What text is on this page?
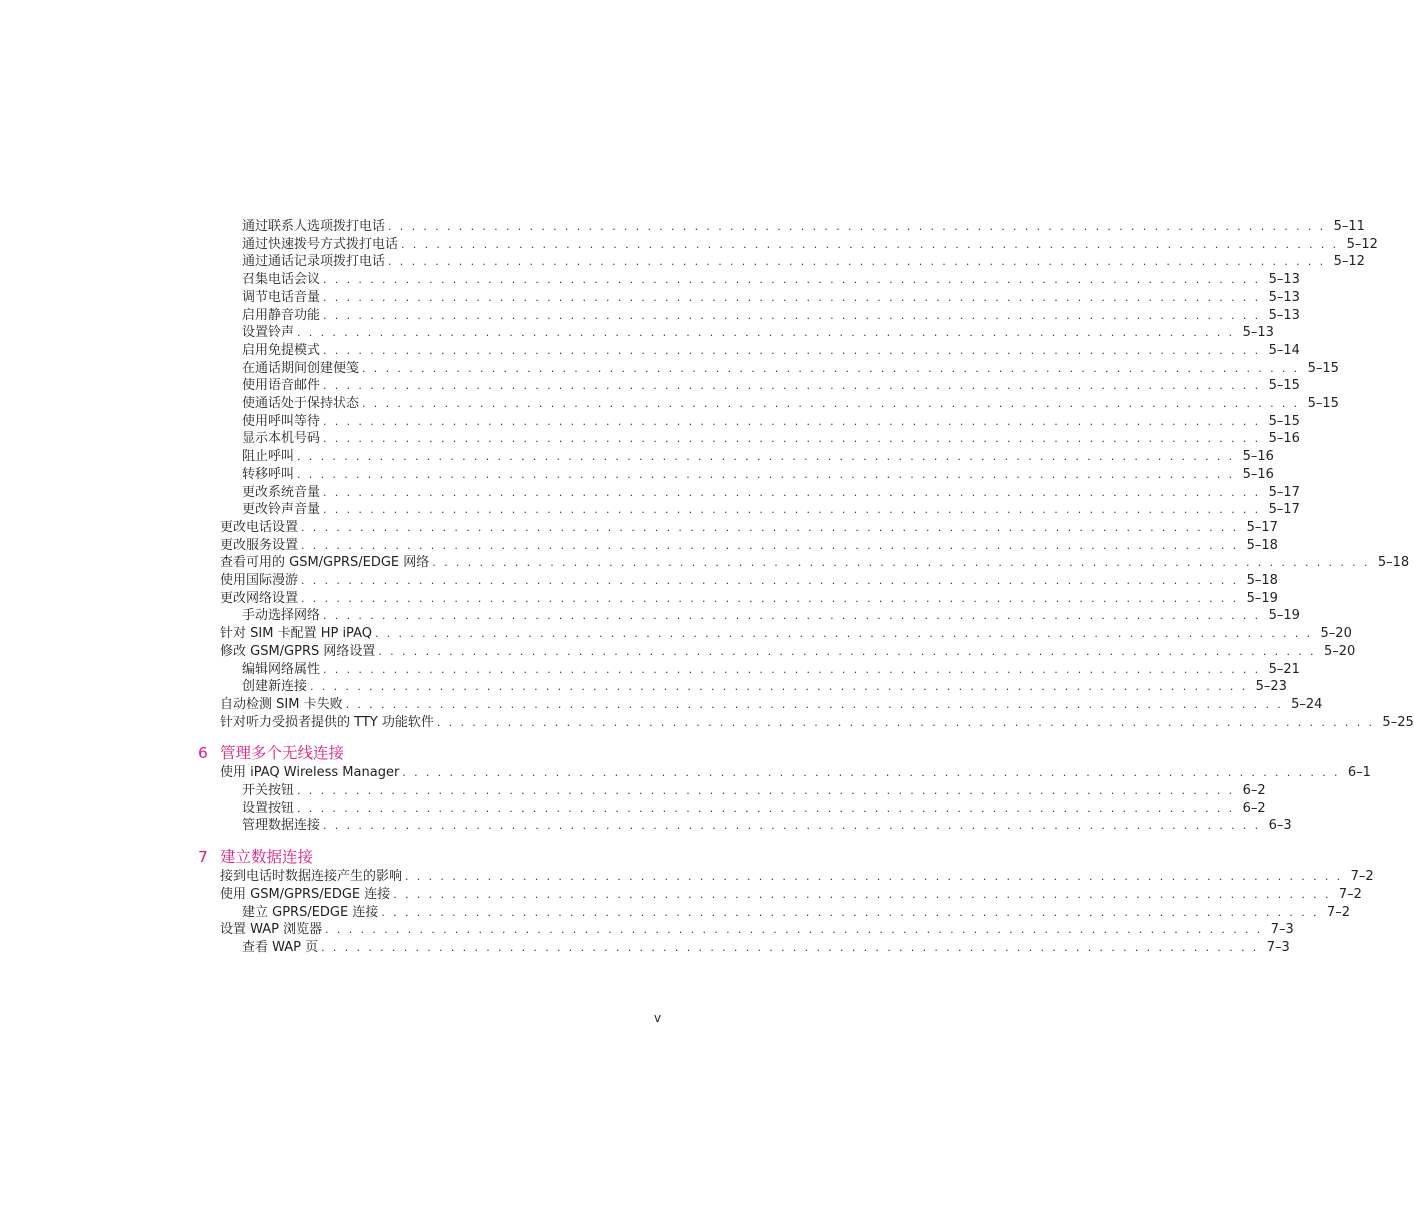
通过联系人选项拨打电话 . . . . . . . . . . . . . . . . . . . . . . . . . . . . . . . . . . . . . . . . . . . . . . . . . . . . . . . . . . . . . . . . . . . . . . . . . . . . . . . . 5–11
通过快速拨号方式拨打电话 . . . . . . . . . . . . . . . . . . . . . . . . . . . . . . . . . . . . . . . . . . . . . . . . . . . . . . . . . . . . . . . . . . . . . . . . . . . . . . . . 5–12
通过通话记录项拨打电话 . . . . . . . . . . . . . . . . . . . . . . . . . . . . . . . . . . . . . . . . . . . . . . . . . . . . . . . . . . . . . . . . . . . . . . . . . . . . . . . . 5–12
召集电话会议 . . . . . . . . . . . . . . . . . . . . . . . . . . . . . . . . . . . . . . . . . . . . . . . . . . . . . . . . . . . . . . . . . . . . . . . . . . . . . . . . 5–13
调节电话音量 . . . . . . . . . . . . . . . . . . . . . . . . . . . . . . . . . . . . . . . . . . . . . . . . . . . . . . . . . . . . . . . . . . . . . . . . . . . . . . . . 5–13
启用静音功能 . . . . . . . . . . . . . . . . . . . . . . . . . . . . . . . . . . . . . . . . . . . . . . . . . . . . . . . . . . . . . . . . . . . . . . . . . . . . . . . . 5–13
设置铃声 . . . . . . . . . . . . . . . . . . . . . . . . . . . . . . . . . . . . . . . . . . . . . . . . . . . . . . . . . . . . . . . . . . . . . . . . . . . . . . . . 5–13
启用免提模式 . . . . . . . . . . . . . . . . . . . . . . . . . . . . . . . . . . . . . . . . . . . . . . . . . . . . . . . . . . . . . . . . . . . . . . . . . . . . . . . . 5–14
在通话期间创建便笺 . . . . . . . . . . . . . . . . . . . . . . . . . . . . . . . . . . . . . . . . . . . . . . . . . . . . . . . . . . . . . . . . . . . . . . . . . . . . . . . . 5–15
使用语音邮件 . . . . . . . . . . . . . . . . . . . . . . . . . . . . . . . . . . . . . . . . . . . . . . . . . . . . . . . . . . . . . . . . . . . . . . . . . . . . . . . . 5–15
使通话处于保持状态 . . . . . . . . . . . . . . . . . . . . . . . . . . . . . . . . . . . . . . . . . . . . . . . . . . . . . . . . . . . . . . . . . . . . . . . . . . . . . . . . 5–15
使用呼叫等待 . . . . . . . . . . . . . . . . . . . . . . . . . . . . . . . . . . . . . . . . . . . . . . . . . . . . . . . . . . . . . . . . . . . . . . . . . . . . . . . . 5–15
显示本机号码 . . . . . . . . . . . . . . . . . . . . . . . . . . . . . . . . . . . . . . . . . . . . . . . . . . . . . . . . . . . . . . . . . . . . . . . . . . . . . . . . 5–16
阻止呼叫 . . . . . . . . . . . . . . . . . . . . . . . . . . . . . . . . . . . . . . . . . . . . . . . . . . . . . . . . . . . . . . . . . . . . . . . . . . . . . . . . 5–16
转移呼叫 . . . . . . . . . . . . . . . . . . . . . . . . . . . . . . . . . . . . . . . . . . . . . . . . . . . . . . . . . . . . . . . . . . . . . . . . . . . . . . . . 5–16
更改系统音量 . . . . . . . . . . . . . . . . . . . . . . . . . . . . . . . . . . . . . . . . . . . . . . . . . . . . . . . . . . . . . . . . . . . . . . . . . . . . . . . . 5–17
更改铃声音量 . . . . . . . . . . . . . . . . . . . . . . . . . . . . . . . . . . . . . . . . . . . . . . . . . . . . . . . . . . . . . . . . . . . . . . . . . . . . . . . . 5–17
更改电话设置 . . . . . . . . . . . . . . . . . . . . . . . . . . . . . . . . . . . . . . . . . . . . . . . . . . . . . . . . . . . . . . . . . . . . . . . . . . . . . . . . 5–17
更改服务设置 . . . . . . . . . . . . . . . . . . . . . . . . . . . . . . . . . . . . . . . . . . . . . . . . . . . . . . . . . . . . . . . . . . . . . . . . . . . . . . . . 5–18
查看可用的 GSM/GPRS/EDGE 网络 . . . . . . . . . . . . . . . . . . . . . . . . . . . . . . . . . . . . . . . . . . . . . . . . . . . . . . . . . . . . . . . . . . . . . . . . . . . . . . . . 5–18
使用国际漫游 . . . . . . . . . . . . . . . . . . . . . . . . . . . . . . . . . . . . . . . . . . . . . . . . . . . . . . . . . . . . . . . . . . . . . . . . . . . . . . . . 5–18
更改网络设置 . . . . . . . . . . . . . . . . . . . . . . . . . . . . . . . . . . . . . . . . . . . . . . . . . . . . . . . . . . . . . . . . . . . . . . . . . . . . . . . . 5–19
手动选择网络 . . . . . . . . . . . . . . . . . . . . . . . . . . . . . . . . . . . . . . . . . . . . . . . . . . . . . . . . . . . . . . . . . . . . . . . . . . . . . . . . 5–19
针对 SIM 卡配置 HP iPAQ . . . . . . . . . . . . . . . . . . . . . . . . . . . . . . . . . . . . . . . . . . . . . . . . . . . . . . . . . . . . . . . . . . . . . . . . . . . . . . . . 5–20
修改 GSM/GPRS 网络设置 . . . . . . . . . . . . . . . . . . . . . . . . . . . . . . . . . . . . . . . . . . . . . . . . . . . . . . . . . . . . . . . . . . . . . . . . . . . . . . . . 5–20
编辑网络属性 . . . . . . . . . . . . . . . . . . . . . . . . . . . . . . . . . . . . . . . . . . . . . . . . . . . . . . . . . . . . . . . . . . . . . . . . . . . . . . . . 5–21
创建新连接 . . . . . . . . . . . . . . . . . . . . . . . . . . . . . . . . . . . . . . . . . . . . . . . . . . . . . . . . . . . . . . . . . . . . . . . . . . . . . . . . 5–23
自动检测 SIM 卡失败 . . . . . . . . . . . . . . . . . . . . . . . . . . . . . . . . . . . . . . . . . . . . . . . . . . . . . . . . . . . . . . . . . . . . . . . . . . . . . . . . 5–24
针对听力受损者提供的 TTY 功能软件 . . . . . . . . . . . . . . . . . . . . . . . . . . . . . . . . . . . . . . . . . . . . . . . . . . . . . . . . . . . . . . . . . . . . . . . . . . . . . . . . 5–25
6 管理多个无线连接
使用 iPAQ Wireless Manager . . . . . . . . . . . . . . . . . . . . . . . . . . . . . . . . . . . . . . . . . . . . . . . . . . . . . . . . . . . . . . . . . . . . . . . . . . . . . . . . 6–1
开关按钮 . . . . . . . . . . . . . . . . . . . . . . . . . . . . . . . . . . . . . . . . . . . . . . . . . . . . . . . . . . . . . . . . . . . . . . . . . . . . . . . . 6–2
设置按钮 . . . . . . . . . . . . . . . . . . . . . . . . . . . . . . . . . . . . . . . . . . . . . . . . . . . . . . . . . . . . . . . . . . . . . . . . . . . . . . . . 6–2
管理数据连接 . . . . . . . . . . . . . . . . . . . . . . . . . . . . . . . . . . . . . . . . . . . . . . . . . . . . . . . . . . . . . . . . . . . . . . . . . . . . . . . . 6–3
7 建立数据连接
接到电话时数据连接产生的影响 . . . . . . . . . . . . . . . . . . . . . . . . . . . . . . . . . . . . . . . . . . . . . . . . . . . . . . . . . . . . . . . . . . . . . . . . . . . . . . . . 7–2
使用 GSM/GPRS/EDGE 连接 . . . . . . . . . . . . . . . . . . . . . . . . . . . . . . . . . . . . . . . . . . . . . . . . . . . . . . . . . . . . . . . . . . . . . . . . . . . . . . . . 7–2
建立 GPRS/EDGE 连接 . . . . . . . . . . . . . . . . . . . . . . . . . . . . . . . . . . . . . . . . . . . . . . . . . . . . . . . . . . . . . . . . . . . . . . . . . . . . . . . . 7–2
设置 WAP 浏览器 . . . . . . . . . . . . . . . . . . . . . . . . . . . . . . . . . . . . . . . . . . . . . . . . . . . . . . . . . . . . . . . . . . . . . . . . . . . . . . . . 7–3
查看 WAP 页 . . . . . . . . . . . . . . . . . . . . . . . . . . . . . . . . . . . . . . . . . . . . . . . . . . . . . . . . . . . . . . . . . . . . . . . . . . . . . . . . 7–3
v
